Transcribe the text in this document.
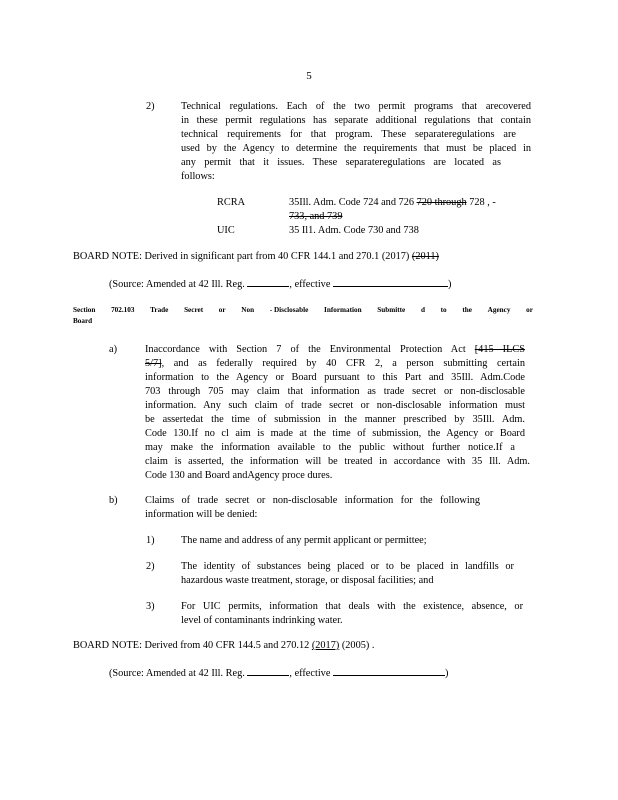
5
2)	Technical regulations. Each of the two permit programs that arecovered
in these permit regulations has separate additional regulations that contain
technical requirements for that program. These separateregulations are
used by the Agency to determine the requirements that must be placed in
any permit that it issues. These separateregulations are located as
follows:
RCRA	35Ill. Adm. Code 724 and 726 720 through 728 , -
733, and 739
UIC	35 Il1. Adm. Code 730 and 738
BOARD NOTE: Derived in significant part from 40 CFR 144.1 and 270.1 (2017) (2011)
(Source: Amended at 42 Ill. Reg.	, effective	)
Section 702.103 Trade Secret or Non - Disclosable Information Submitte d to the Agency or
Board
a)	Inaccordance with Section 7 of the Environmental Protection Act [415 ILCS
5/7], and as federally required by 40 CFR 2, a person submitting certain
information to the Agency or Board pursuant to this Part and 35Ill. Adm.Code
703 through 705 may claim that information as trade secret or non-disclosable
information. Any such claim of trade secret or non-disclosable information must
be assertedat the time of submission in the manner prescribed by 35Ill. Adm.
Code 130.If no cl aim is made at the time of submission, the Agency or Board
may make the information available to the public without further notice.If a
claim is asserted, the information will be treated in accordance with 35 Ill. Adm.
Code 130 and Board andAgency proce dures.
b)	Claims of trade secret or non-disclosable information for the following
information will be denied:
1)	The name and address of any permit applicant or permittee;
2)	The identity of substances being placed or to be placed in landfills or
hazardous waste treatment, storage, or disposal facilities; and
3)	For UIC permits, information that deals with the existence, absence, or
level of contaminants indrinking water.
BOARD NOTE: Derived from 40 CFR 144.5 and 270.12 (2017) (2005) .
(Source: Amended at 42 Ill. Reg.	, effective	)
